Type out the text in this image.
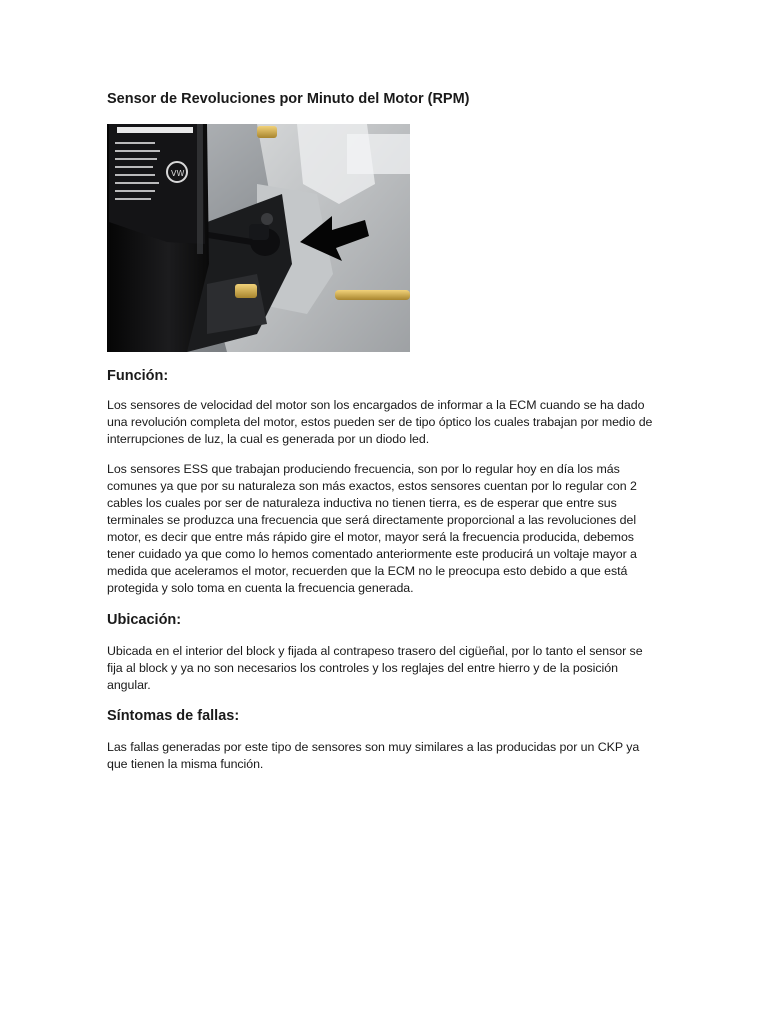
Sensor de Revoluciones por Minuto del Motor (RPM)
VW
Función:

Los sensores de velocidad del motor son los encargados de informar a la ECM cuando se ha dado una revolución completa del motor, estos pueden ser de tipo óptico los cuales trabajan por medio de interrupciones de luz, la cual es generada por un diodo led.

Los sensores ESS que trabajan produciendo frecuencia, son por lo regular hoy en día los más comunes ya que por su naturaleza son más exactos, estos sensores cuentan por lo regular con 2 cables los cuales por ser de naturaleza inductiva no tienen tierra, es de esperar que entre sus terminales se produzca una frecuencia que será directamente proporcional a las revoluciones del motor, es decir que entre más rápido gire el motor, mayor será la frecuencia producida, debemos tener cuidado ya que como lo hemos comentado anteriormente este producirá un voltaje mayor a medida que aceleramos el motor, recuerden que la ECM no le preocupa esto debido a que está protegida y solo toma en cuenta la frecuencia generada.

Ubicación:

Ubicada en el interior del block y fijada al contrapeso trasero del cigüeñal, por lo tanto el sensor se fija al block y ya no son necesarios los controles y los reglajes del entre hierro y de la posición angular.

Síntomas de fallas:

Las fallas generadas por este tipo de sensores son muy similares a las producidas por un CKP ya que tienen la misma función.
